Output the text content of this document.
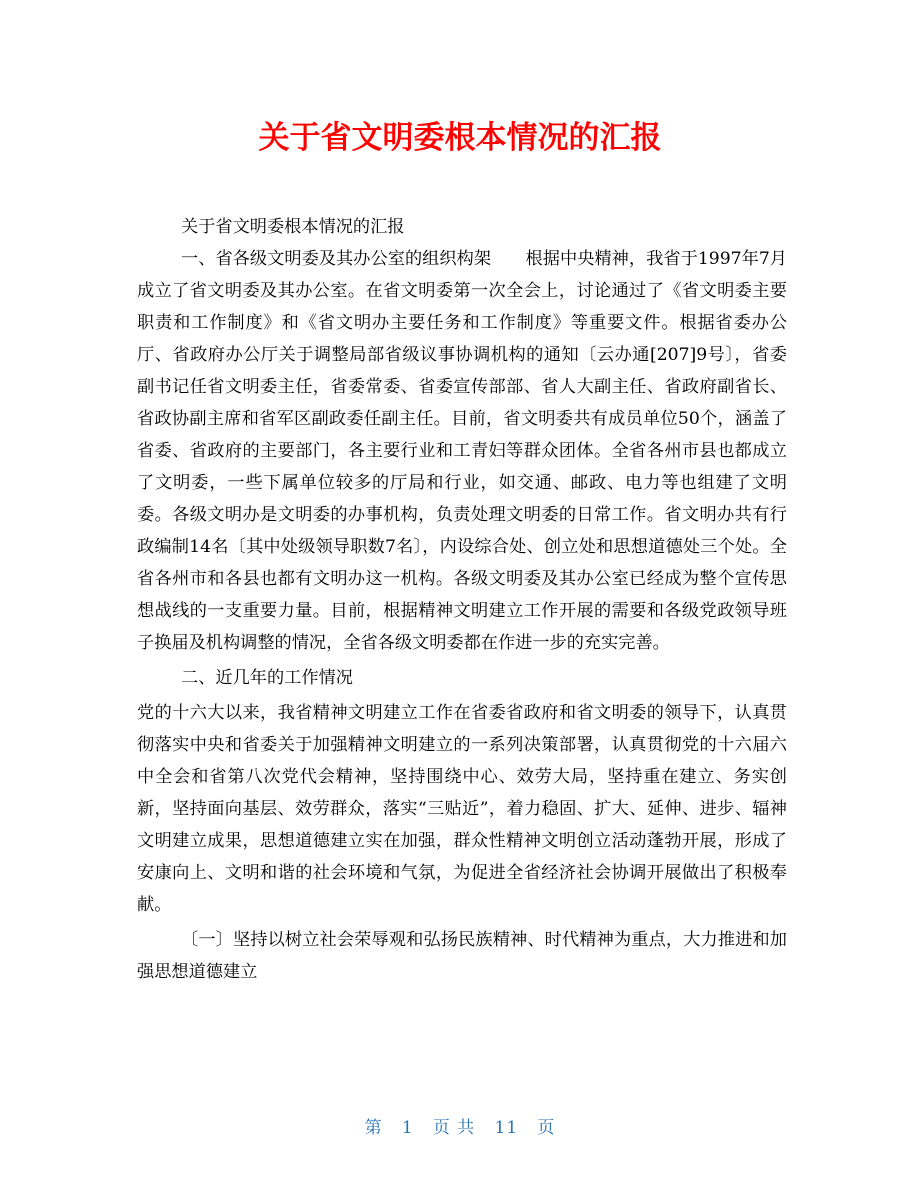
关于省文明委根本情况的汇报

关于省文明委根本情况的汇报

一、省各级文明委及其办公室的组织构架　　根据中央精神，我省于1997年7月成立了省文明委及其办公室。在省文明委第一次全会上，讨论通过了《省文明委主要职责和工作制度》和《省文明办主要任务和工作制度》等重要文件。根据省委办公厅、省政府办公厅关于调整局部省级议事协调机构的通知〔云办通[207]9号〕，省委副书记任省文明委主任，省委常委、省委宣传部部、省人大副主任、省政府副省长、省政协副主席和省军区副政委任副主任。目前，省文明委共有成员单位50个，涵盖了省委、省政府的主要部门，各主要行业和工青妇等群众团体。全省各州市县也都成立了文明委，一些下属单位较多的厅局和行业，如交通、邮政、电力等也组建了文明委。各级文明办是文明委的办事机构，负责处理文明委的日常工作。省文明办共有行政编制14名〔其中处级领导职数7名〕，内设综合处、创立处和思想道德处三个处。全省各州市和各县也都有文明办这一机构。各级文明委及其办公室已经成为整个宣传思想战线的一支重要力量。目前，根据精神文明建立工作开展的需要和各级党政领导班子换届及机构调整的情况，全省各级文明委都在作进一步的充实完善。

二、近几年的工作情况

党的十六大以来，我省精神文明建立工作在省委省政府和省文明委的领导下，认真贯彻落实中央和省委关于加强精神文明建立的一系列决策部署，认真贯彻党的十六届六中全会和省第八次党代会精神，坚持围绕中心、效劳大局，坚持重在建立、务实创新，坚持面向基层、效劳群众，落实“三贴近”，着力稳固、扩大、延伸、进步、辐神文明建立成果，思想道德建立实在加强，群众性精神文明创立活动蓬勃开展，形成了安康向上、文明和谐的社会环境和气氛，为促进全省经济社会协调开展做出了积极奉献。

〔一〕坚持以树立社会荣辱观和弘扬民族精神、时代精神为重点，大力推进和加强思想道德建立

第 1 页 共 11 页
